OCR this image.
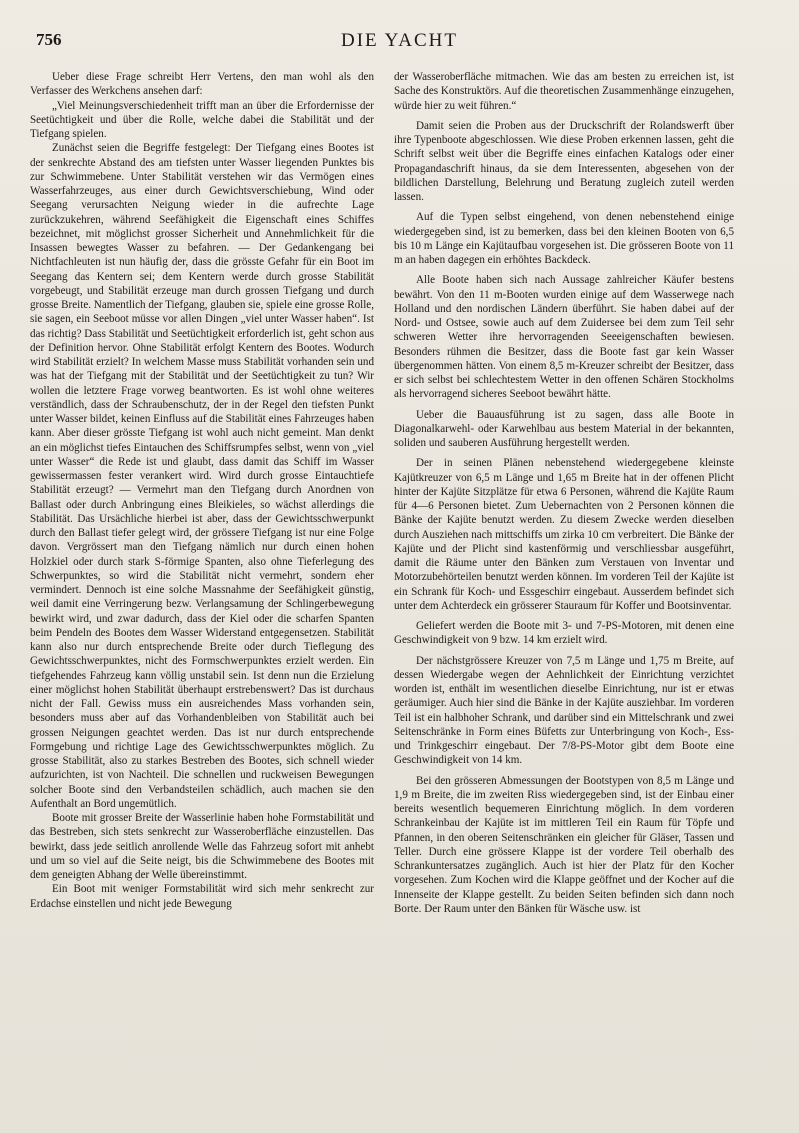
756	DIE YACHT

Ueber diese Frage schreibt Herr Vertens, den man wohl als den Verfasser des Werkchens ansehen darf:

„Viel Meinungsverschiedenheit trifft man an über die Erfordernisse der Seetüchtigkeit und über die Rolle, welche dabei die Stabilität und der Tiefgang spielen.

Zunächst seien die Begriffe festgelegt: Der Tiefgang eines Bootes ist der senkrechte Abstand des am tiefsten unter Wasser liegenden Punktes bis zur Schwimmebene. Unter Stabilität verstehen wir das Vermögen eines Wasserfahrzeuges, aus einer durch Gewichtsverschiebung, Wind oder Seegang verursachten Neigung wieder in die aufrechte Lage zurückzukehren, während Seefähigkeit die Eigenschaft eines Schiffes bezeichnet, mit möglichst grosser Sicherheit und Annehmlichkeit für die Insassen bewegtes Wasser zu befahren. — Der Gedankengang bei Nichtfachleuten ist nun häufig der, dass die grösste Gefahr für ein Boot im Seegang das Kentern sei; dem Kentern werde durch grosse Stabilität vorgebeugt, und Stabilität erzeuge man durch grossen Tiefgang und durch grosse Breite. Namentlich der Tiefgang, glauben sie, spiele eine grosse Rolle, sie sagen, ein Seeboot müsse vor allen Dingen „viel unter Wasser haben“. Ist das richtig? Dass Stabilität und Seetüchtigkeit erforderlich ist, geht schon aus der Definition hervor. Ohne Stabilität erfolgt Kentern des Bootes. Wodurch wird Stabilität erzielt? In welchem Masse muss Stabilität vorhanden sein und was hat der Tiefgang mit der Stabilität und der Seetüchtigkeit zu tun? Wir wollen die letztere Frage vorweg beantworten. Es ist wohl ohne weiteres verständlich, dass der Schraubenschutz, der in der Regel den tiefsten Punkt unter Wasser bildet, keinen Einfluss auf die Stabilität eines Fahrzeuges haben kann. Aber dieser grösste Tiefgang ist wohl auch nicht gemeint. Man denkt an ein möglichst tiefes Eintauchen des Schiffsrumpfes selbst, wenn von „viel unter Wasser“ die Rede ist und glaubt, dass damit das Schiff im Wasser gewissermassen fester verankert wird. Wird durch grosse Eintauchtiefe Stabilität erzeugt? — Vermehrt man den Tiefgang durch Anordnen von Ballast oder durch Anbringung eines Bleikieles, so wächst allerdings die Stabilität. Das Ursächliche hierbei ist aber, dass der Gewichtsschwerpunkt durch den Ballast tiefer gelegt wird, der grössere Tiefgang ist nur eine Folge davon. Vergrössert man den Tiefgang nämlich nur durch einen hohen Holzkiel oder durch stark S-förmige Spanten, also ohne Tieferlegung des Schwerpunktes, so wird die Stabilität nicht vermehrt, sondern eher vermindert. Dennoch ist eine solche Massnahme der Seefähigkeit günstig, weil damit eine Verringerung bezw. Verlangsamung der Schlingerbewegung bewirkt wird, und zwar dadurch, dass der Kiel oder die scharfen Spanten beim Pendeln des Bootes dem Wasser Widerstand entgegensetzen. Stabilität kann also nur durch entsprechende Breite oder durch Tieflegung des Gewichtsschwerpunktes, nicht des Formschwerpunktes erzielt werden. Ein tiefgehendes Fahrzeug kann völlig unstabil sein. Ist denn nun die Erzielung einer möglichst hohen Stabilität überhaupt erstrebenswert? Das ist durchaus nicht der Fall. Gewiss muss ein ausreichendes Mass vorhanden sein, besonders muss aber auf das Vorhandenbleiben von Stabilität auch bei grossen Neigungen geachtet werden. Das ist nur durch entsprechende Formgebung und richtige Lage des Gewichtsschwerpunktes möglich. Zu grosse Stabilität, also zu starkes Bestreben des Bootes, sich schnell wieder aufzurichten, ist von Nachteil. Die schnellen und ruckweisen Bewegungen solcher Boote sind den Verbandsteilen schädlich, auch machen sie den Aufenthalt an Bord ungemütlich.

Boote mit grosser Breite der Wasserlinie haben hohe Formstabilität und das Bestreben, sich stets senkrecht zur Wasseroberfläche einzustellen. Das bewirkt, dass jede seitlich anrollende Welle das Fahrzeug sofort mit anhebt und um so viel auf die Seite neigt, bis die Schwimmebene des Bootes mit dem geneigten Abhang der Welle übereinstimmt.

Ein Boot mit weniger Formstabilität wird sich mehr senkrecht zur Erdachse einstellen und nicht jede Bewegung

der Wasseroberfläche mitmachen. Wie das am besten zu erreichen ist, ist Sache des Konstruktörs. Auf die theoretischen Zusammenhänge einzugehen, würde hier zu weit führen.“

Damit seien die Proben aus der Druckschrift der Rolandswerft über ihre Typenboote abgeschlossen. Wie diese Proben erkennen lassen, geht die Schrift selbst weit über die Begriffe eines einfachen Katalogs oder einer Propagandaschrift hinaus, da sie dem Interessenten, abgesehen von der bildlichen Darstellung, Belehrung und Beratung zugleich zuteil werden lassen.

Auf die Typen selbst eingehend, von denen nebenstehend einige wiedergegeben sind, ist zu bemerken, dass bei den kleinen Booten von 6,5 bis 10 m Länge ein Kajütaufbau vorgesehen ist. Die grösseren Boote von 11 m an haben dagegen ein erhöhtes Backdeck.

Alle Boote haben sich nach Aussage zahlreicher Käufer bestens bewährt. Von den 11 m-Booten wurden einige auf dem Wasserwege nach Holland und den nordischen Ländern überführt. Sie haben dabei auf der Nord- und Ostsee, sowie auch auf dem Zuidersee bei dem zum Teil sehr schweren Wetter ihre hervorragenden Seeeigenschaften bewiesen. Besonders rühmen die Besitzer, dass die Boote fast gar kein Wasser übergenommen hätten. Von einem 8,5 m-Kreuzer schreibt der Besitzer, dass er sich selbst bei schlechtestem Wetter in den offenen Schären Stockholms als hervorragend sicheres Seeboot bewährt hätte.

Ueber die Bauausführung ist zu sagen, dass alle Boote in Diagonalkarwehl- oder Karwehlbau aus bestem Material in der bekannten, soliden und sauberen Ausführung hergestellt werden.

Der in seinen Plänen nebenstehend wiedergegebene kleinste Kajütkreuzer von 6,5 m Länge und 1,65 m Breite hat in der offenen Plicht hinter der Kajüte Sitzplätze für etwa 6 Personen, während die Kajüte Raum für 4—6 Personen bietet. Zum Uebernachten von 2 Personen können die Bänke der Kajüte benutzt werden. Zu diesem Zwecke werden dieselben durch Ausziehen nach mittschiffs um zirka 10 cm verbreitert. Die Bänke der Kajüte und der Plicht sind kastenförmig und verschliessbar ausgeführt, damit die Räume unter den Bänken zum Verstauen von Inventar und Motorzubehörteilen benutzt werden können. Im vorderen Teil der Kajüte ist ein Schrank für Koch- und Essgeschirr eingebaut. Ausserdem befindet sich unter dem Achterdeck ein grösserer Stauraum für Koffer und Bootsinventar.

Geliefert werden die Boote mit 3- und 7-PS-Motoren, mit denen eine Geschwindigkeit von 9 bzw. 14 km erzielt wird.

Der nächstgrössere Kreuzer von 7,5 m Länge und 1,75 m Breite, auf dessen Wiedergabe wegen der Aehnlichkeit der Einrichtung verzichtet worden ist, enthält im wesentlichen dieselbe Einrichtung, nur ist er etwas geräumiger. Auch hier sind die Bänke in der Kajüte ausziehbar. Im vorderen Teil ist ein halbhoher Schrank, und darüber sind ein Mittelschrank und zwei Seitenschränke in Form eines Büfetts zur Unterbringung von Koch-, Ess- und Trinkgeschirr eingebaut. Der 7/8-PS-Motor gibt dem Boote eine Geschwindigkeit von 14 km.

Bei den grösseren Abmessungen der Bootstypen von 8,5 m Länge und 1,9 m Breite, die im zweiten Riss wiedergegeben sind, ist der Einbau einer bereits wesentlich bequemeren Einrichtung möglich. In dem vorderen Schrankeinbau der Kajüte ist im mittleren Teil ein Raum für Töpfe und Pfannen, in den oberen Seitenschränken ein gleicher für Gläser, Tassen und Teller. Durch eine grössere Klappe ist der vordere Teil oberhalb des Schrankuntersatzes zugänglich. Auch ist hier der Platz für den Kocher vorgesehen. Zum Kochen wird die Klappe geöffnet und der Kocher auf die Innenseite der Klappe gestellt. Zu beiden Seiten befinden sich dann noch Borte. Der Raum unter den Bänken für Wäsche usw. ist
